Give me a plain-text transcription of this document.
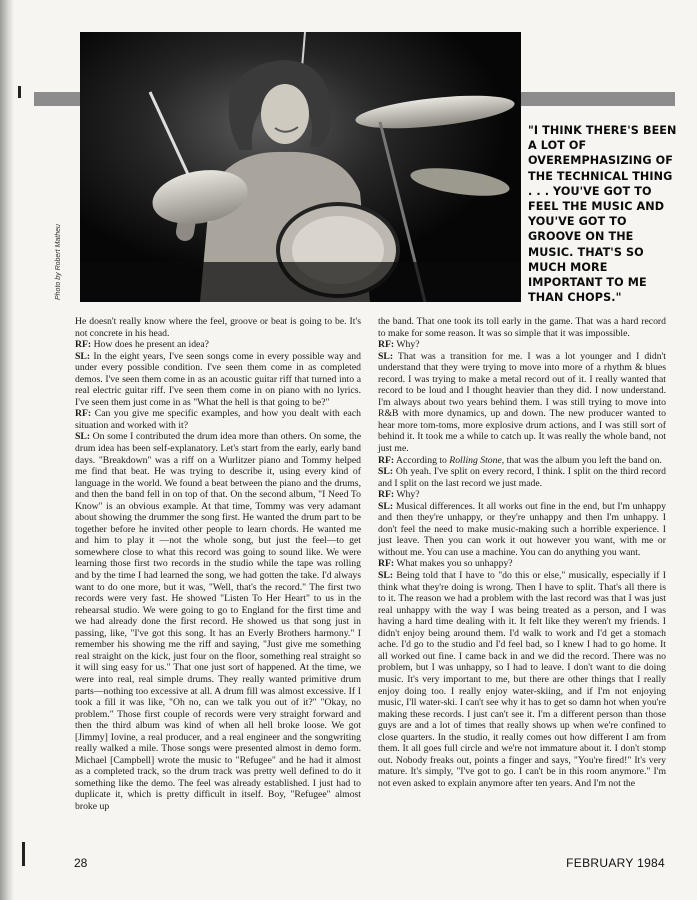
Photo by Robert Matheu
"I THINK THERE'S BEEN A LOT OF OVEREMPHASIZING OF THE TECHNICAL THING . . . YOU'VE GOT TO FEEL THE MUSIC AND YOU'VE GOT TO GROOVE ON THE MUSIC. THAT'S SO MUCH MORE IMPORTANT TO ME THAN CHOPS."

He doesn't really know where the feel, groove or beat is going to be. It's not concrete in his head.

RF: How does he present an idea?

SL: In the eight years, I've seen songs come in every possible way and under every possible condition. I've seen them come in as completed demos. I've seen them come in as an acoustic guitar riff that turned into a real electric guitar riff. I've seen them come in on piano with no lyrics. I've seen them just come in as "What the hell is that going to be?"

RF: Can you give me specific examples, and how you dealt with each situation and worked with it?

SL: On some I contributed the drum idea more than others. On some, the drum idea has been self-explanatory. Let's start from the early, early band days. "Breakdown" was a riff on a Wurlitzer piano and Tommy helped me find that beat. He was trying to describe it, using every kind of language in the world. We found a beat between the piano and the drums, and then the band fell in on top of that. On the second album, "I Need To Know" is an obvious example. At that time, Tommy was very adamant about showing the drummer the song first. He wanted the drum part to be together before he invited other people to learn chords. He wanted me and him to play it —not the whole song, but just the feel—to get somewhere close to what this record was going to sound like. We were learning those first two records in the studio while the tape was rolling and by the time I had learned the song, we had gotten the take. I'd always want to do one more, but it was, "Well, that's the record." The first two records were very fast. He showed "Listen To Her Heart" to us in the rehearsal studio. We were going to go to England for the first time and we had already done the first record. He showed us that song just in passing, like, "I've got this song. It has an Everly Brothers harmony." I remember his showing me the riff and saying, "Just give me something real straight on the kick, just four on the floor, something real straight so it will sing easy for us." That one just sort of happened. At the time, we were into real, real simple drums. They really wanted primitive drum parts—nothing too excessive at all. A drum fill was almost excessive. If I took a fill it was like, "Oh no, can we talk you out of it?" "Okay, no problem." Those first couple of records were very straight forward and then the third album was kind of when all hell broke loose. We got [Jimmy] Iovine, a real producer, and a real engineer and the songwriting really walked a mile. Those songs were presented almost in demo form. Michael [Campbell] wrote the music to "Refugee" and he had it almost as a completed track, so the drum track was pretty well defined to do it something like the demo. The feel was already established. I just had to duplicate it, which is pretty difficult in itself. Boy, "Refugee" almost broke up

the band. That one took its toll early in the game. That was a hard record to make for some reason. It was so simple that it was impossible.

RF: Why?

SL: That was a transition for me. I was a lot younger and I didn't understand that they were trying to move into more of a rhythm & blues record. I was trying to make a metal record out of it. I really wanted that record to be loud and I thought heavier than they did. I now understand. I'm always about two years behind them. I was still trying to move into R&B with more dynamics, up and down. The new producer wanted to hear more tom-toms, more explosive drum actions, and I was still sort of behind it. It took me a while to catch up. It was really the whole band, not just me.

RF: According to Rolling Stone, that was the album you left the band on.

SL: Oh yeah. I've split on every record, I think. I split on the third record and I split on the last record we just made.

RF: Why?

SL: Musical differences. It all works out fine in the end, but I'm unhappy and then they're unhappy, or they're unhappy and then I'm unhappy. I don't feel the need to make music-making such a horrible experience. I just leave. Then you can work it out however you want, with me or without me. You can use a machine. You can do anything you want.

RF: What makes you so unhappy?

SL: Being told that I have to "do this or else," musically, especially if I think what they're doing is wrong. Then I have to split. That's all there is to it. The reason we had a problem with the last record was that I was just real unhappy with the way I was being treated as a person, and I was having a hard time dealing with it. It felt like they weren't my friends. I didn't enjoy being around them. I'd walk to work and I'd get a stomach ache. I'd go to the studio and I'd feel bad, so I knew I had to go home. It all worked out fine. I came back in and we did the record. There was no problem, but I was unhappy, so I had to leave. I don't want to die doing music. It's very important to me, but there are other things that I really enjoy doing too. I really enjoy water-skiing, and if I'm not enjoying music, I'll water-ski. I can't see why it has to get so damn hot when you're making these records. I just can't see it. I'm a different person than those guys are and a lot of times that really shows up when we're confined to close quarters. In the studio, it really comes out how different I am from them. It all goes full circle and we're not immature about it. I don't stomp out. Nobody freaks out, points a finger and says, "You're fired!" It's very mature. It's simply, "I've got to go. I can't be in this room anymore." I'm not even asked to explain anymore after ten years. And I'm not the

28	FEBRUARY 1984
